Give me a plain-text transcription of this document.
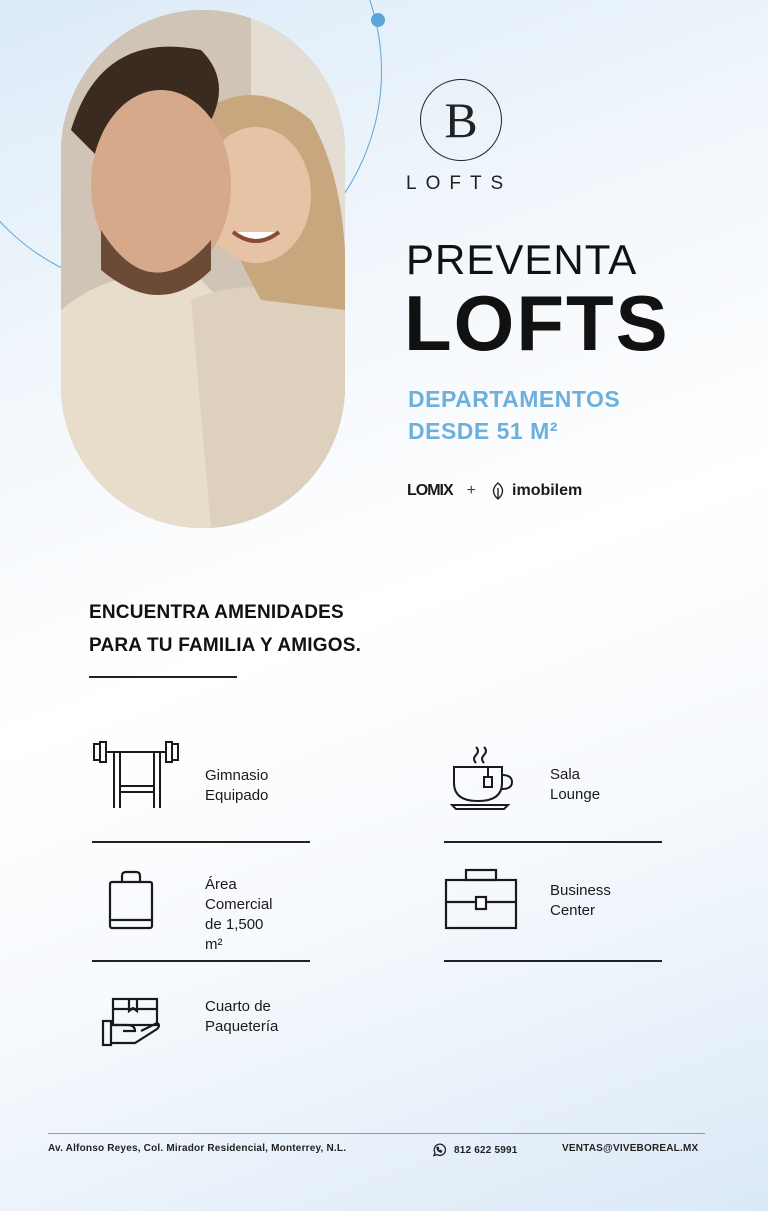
B
LOFTS
PREVENTA
LOFTS
DEPARTAMENTOS
DESDE 51 M²
LOMIX + imobilem
ENCUENTRA AMENIDADES
PARA TU FAMILIA Y AMIGOS.
Gimnasio
Equipado
Sala
Lounge
Área
Comercial
de 1,500 m²
Business
Center
Cuarto de
Paquetería
Av. Alfonso Reyes, Col. Mirador Residencial, Monterrey, N.L.	812 622 5991	VENTAS@VIVEBOREAL.MX
